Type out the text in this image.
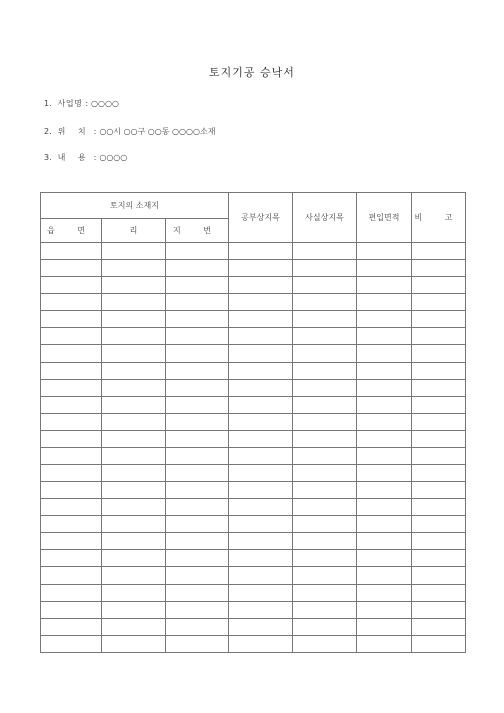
토지기공 승낙서
1. 사업명 : ○○○○
2. 위 치 : ○○시 ○○구 ○○동 ○○○○소재
3. 내 용 : ○○○○
토지의 소재지			공부상지목	사실상지목	편입면적	비 고
읍 면	리	지 번				
